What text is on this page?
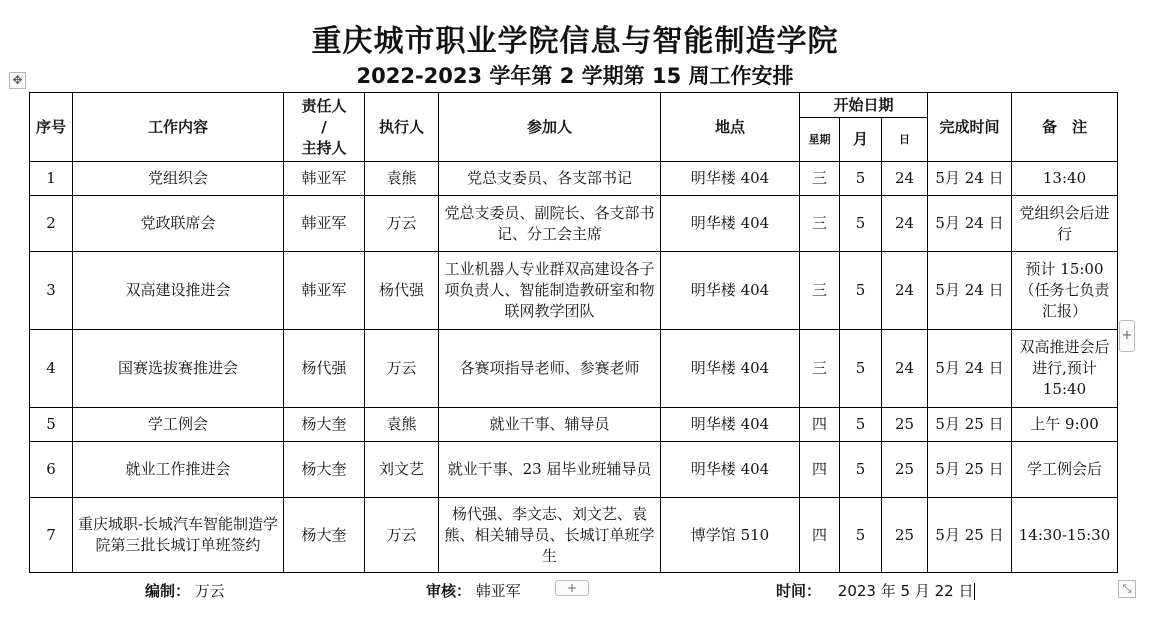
重庆城市职业学院信息与智能制造学院
2022-2023 学年第 2 学期第 15 周工作安排
✥
序号	工作内容	责任人
/
主持人	执行人	参加人	地点	开始日期			完成时间	备　注
						星期	月	日		
1	党组织会	韩亚军	袁熊	党总支委员、各支部书记	明华楼 404	三	5	24	5月 24 日	13:40
2	党政联席会	韩亚军	万云	党总支委员、副院长、各支部书记、分工会主席	明华楼 404	三	5	24	5月 24 日	党组织会后进行
3	双高建设推进会	韩亚军	杨代强	工业机器人专业群双高建设各子项负责人、智能制造教研室和物联网教学团队	明华楼 404	三	5	24	5月 24 日	预计 15:00（任务七负责汇报）
4	国赛选拔赛推进会	杨代强	万云	各赛项指导老师、参赛老师	明华楼 404	三	5	24	5月 24 日	双高推进会后进行,预计 15:40
5	学工例会	杨大奎	袁熊	就业干事、辅导员	明华楼 404	四	5	25	5月 25 日	上午 9:00
6	就业工作推进会	杨大奎	刘文艺	就业干事、23 届毕业班辅导员	明华楼 404	四	5	25	5月 25 日	学工例会后
7	重庆城职-长城汽车智能制造学院第三批长城订单班签约	杨大奎	万云	杨代强、李文志、刘文艺、袁熊、相关辅导员、长城订单班学生	博学馆 510	四	5	25	5月 25 日	14:30-15:30
+
编制： 万云	审核： 韩亚军	+	时间： 2023 年 5 月 22 日	⤡
